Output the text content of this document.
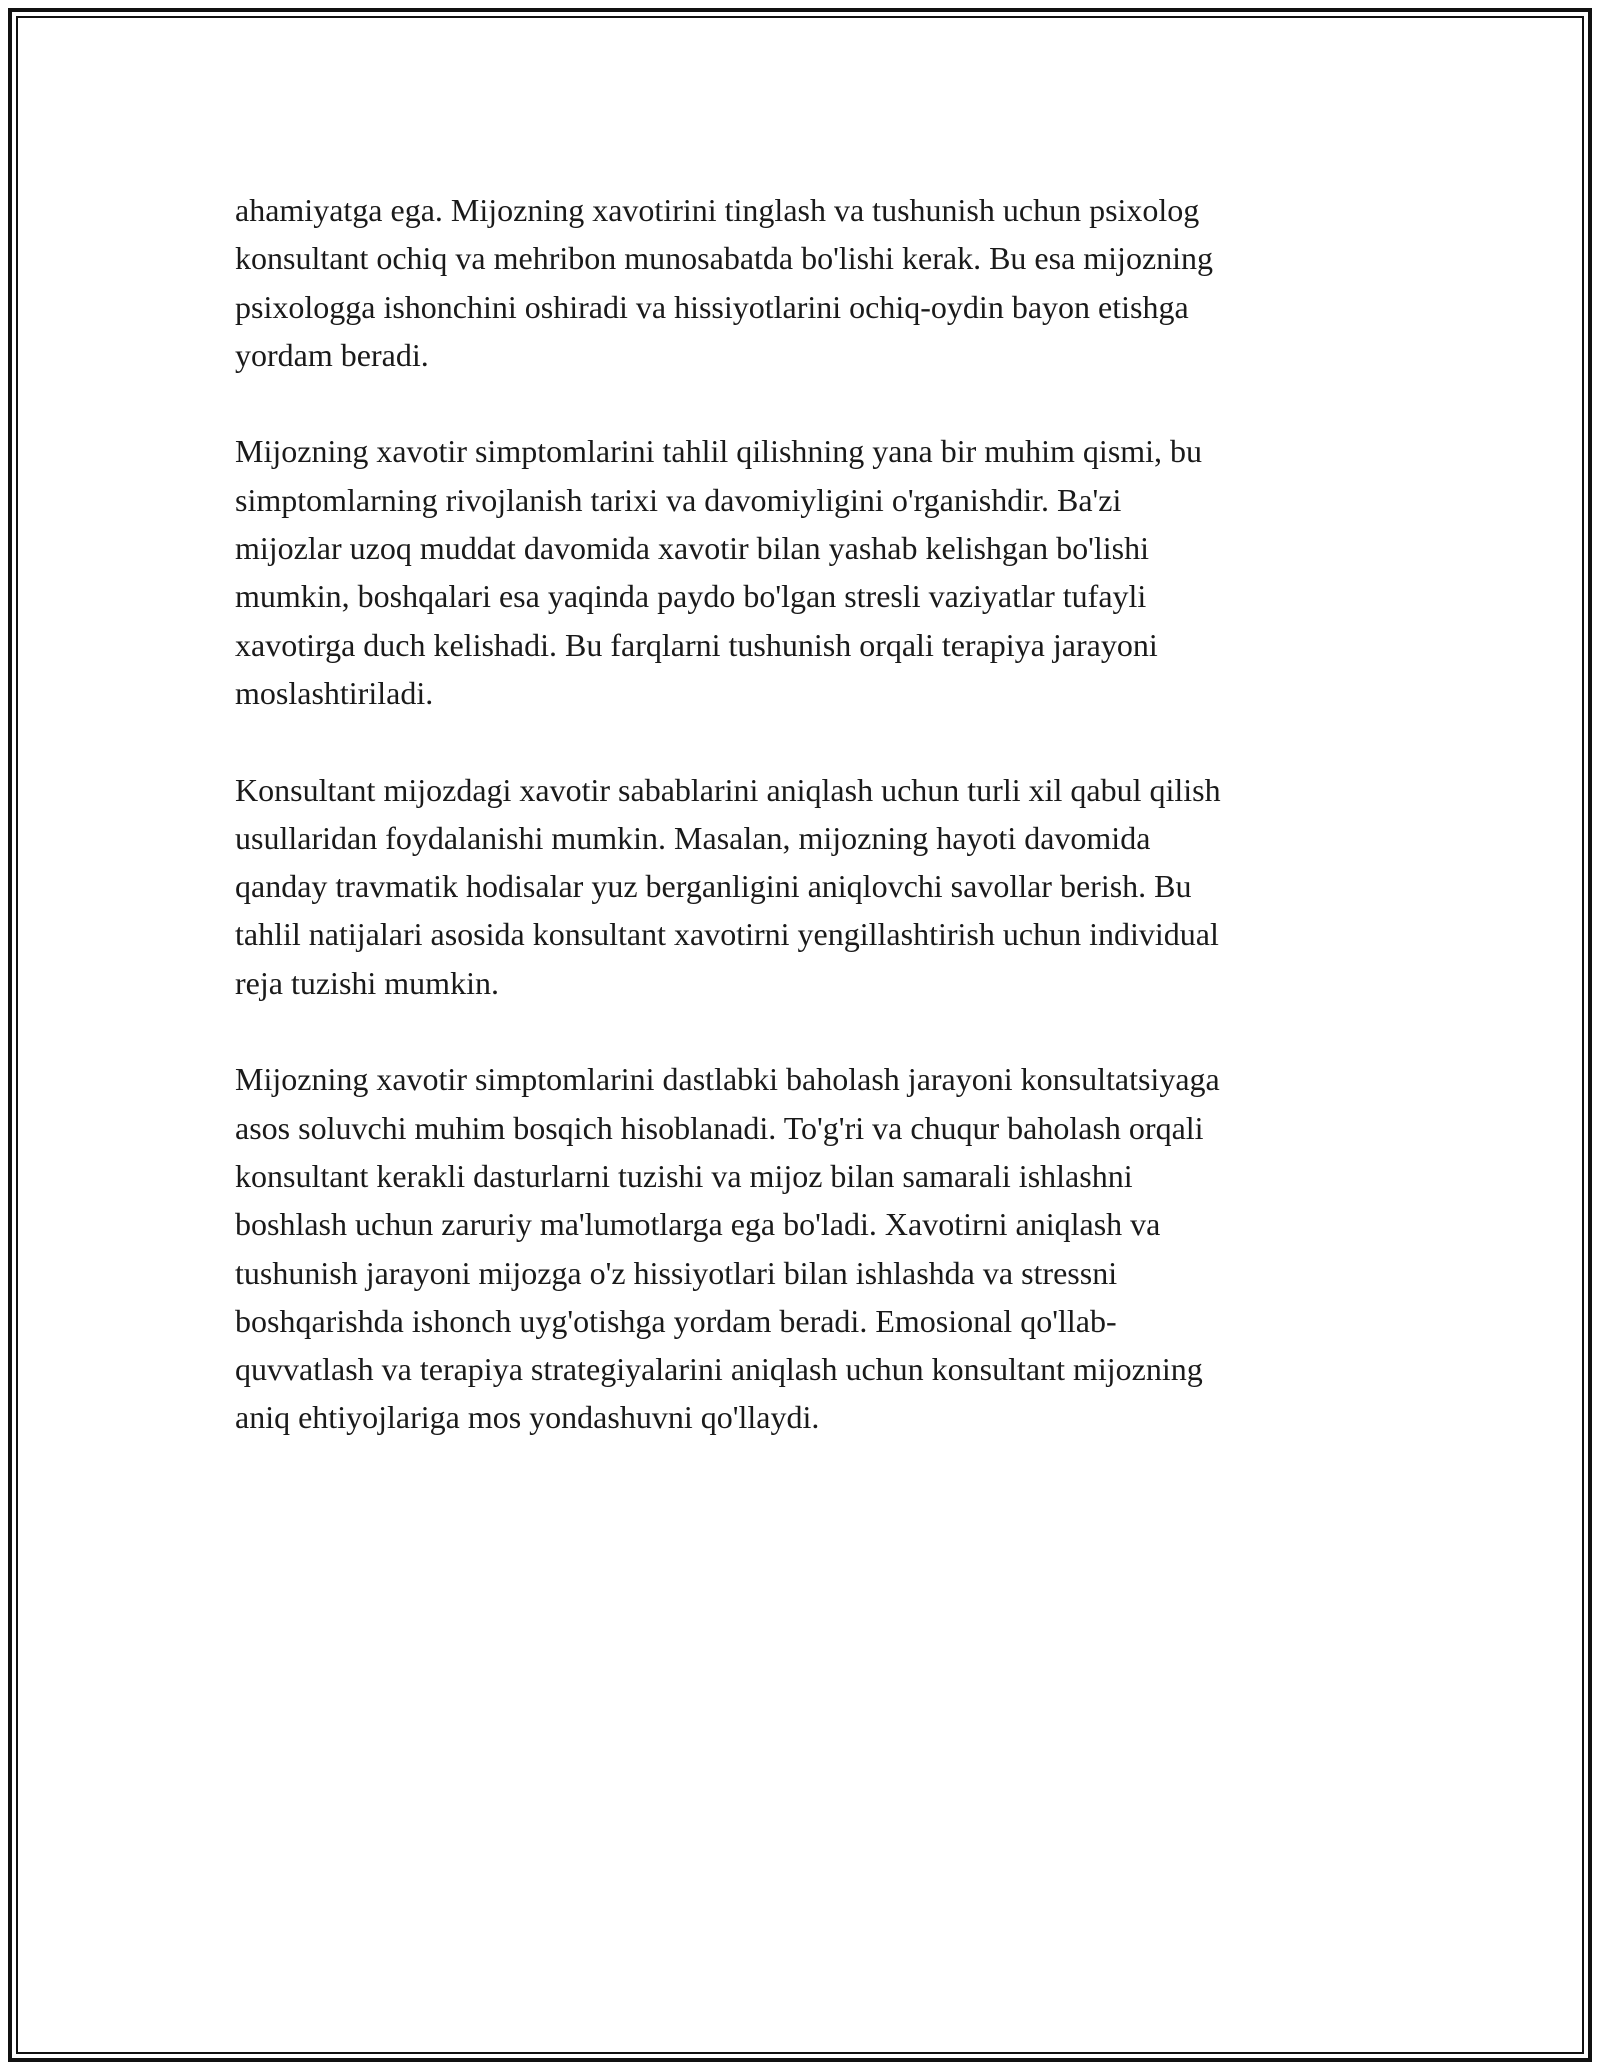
ahamiyatga ega. Mijozning xavotirini tinglash va tushunish uchun psixolog
konsultant ochiq va mehribon munosabatda bo'lishi kerak. Bu esa mijozning
psixologga ishonchini oshiradi va hissiyotlarini ochiq-oydin bayon etishga
yordam beradi.

Mijozning xavotir simptomlarini tahlil qilishning yana bir muhim qismi, bu
simptomlarning rivojlanish tarixi va davomiyligini o'rganishdir. Ba'zi
mijozlar uzoq muddat davomida xavotir bilan yashab kelishgan bo'lishi
mumkin, boshqalari esa yaqinda paydo bo'lgan stresli vaziyatlar tufayli
xavotirga duch kelishadi. Bu farqlarni tushunish orqali terapiya jarayoni
moslashtiriladi.

Konsultant mijozdagi xavotir sabablarini aniqlash uchun turli xil qabul qilish
usullaridan foydalanishi mumkin. Masalan, mijozning hayoti davomida
qanday travmatik hodisalar yuz berganligini aniqlovchi savollar berish. Bu
tahlil natijalari asosida konsultant xavotirni yengillashtirish uchun individual
reja tuzishi mumkin.

Mijozning xavotir simptomlarini dastlabki baholash jarayoni konsultatsiyaga
asos soluvchi muhim bosqich hisoblanadi. To'g'ri va chuqur baholash orqali
konsultant kerakli dasturlarni tuzishi va mijoz bilan samarali ishlashni
boshlash uchun zaruriy ma'lumotlarga ega bo'ladi. Xavotirni aniqlash va
tushunish jarayoni mijozga o'z hissiyotlari bilan ishlashda va stressni
boshqarishda ishonch uyg'otishga yordam beradi. Emosional qo'llab-
quvvatlash va terapiya strategiyalarini aniqlash uchun konsultant mijozning
aniq ehtiyojlariga mos yondashuvni qo'llaydi.
